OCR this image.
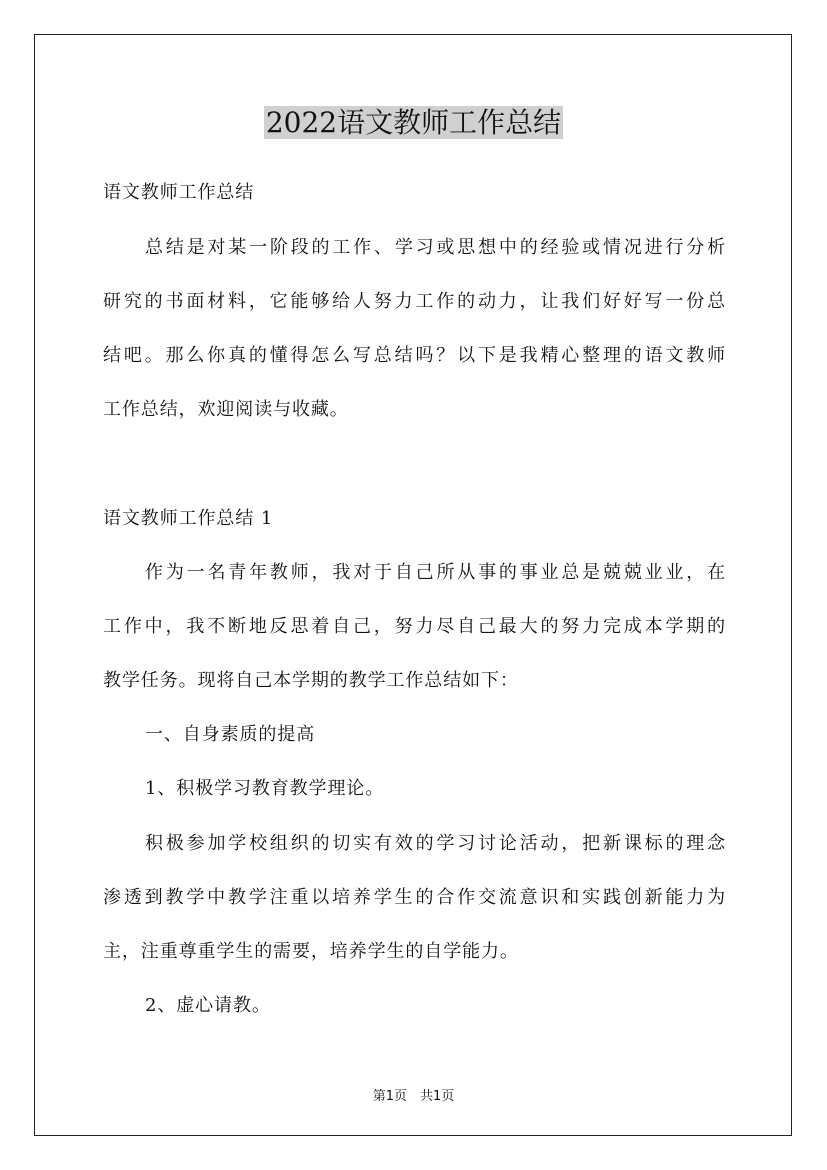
2022语文教师工作总结
语文教师工作总结
总结是对某一阶段的工作、学习或思想中的经验或情况进行分析
研究的书面材料，它能够给人努力工作的动力，让我们好好写一份总
结吧。那么你真的懂得怎么写总结吗？以下是我精心整理的语文教师
工作总结，欢迎阅读与收藏。
语文教师工作总结 1
作为一名青年教师，我对于自己所从事的事业总是兢兢业业，在
工作中，我不断地反思着自己，努力尽自己最大的努力完成本学期的
教学任务。现将自己本学期的教学工作总结如下：
一、自身素质的提高
1、积极学习教育教学理论。
积极参加学校组织的切实有效的学习讨论活动，把新课标的理念
渗透到教学中教学注重以培养学生的合作交流意识和实践创新能力为
主，注重尊重学生的需要，培养学生的自学能力。
2、虚心请教。
第1页　共1页
